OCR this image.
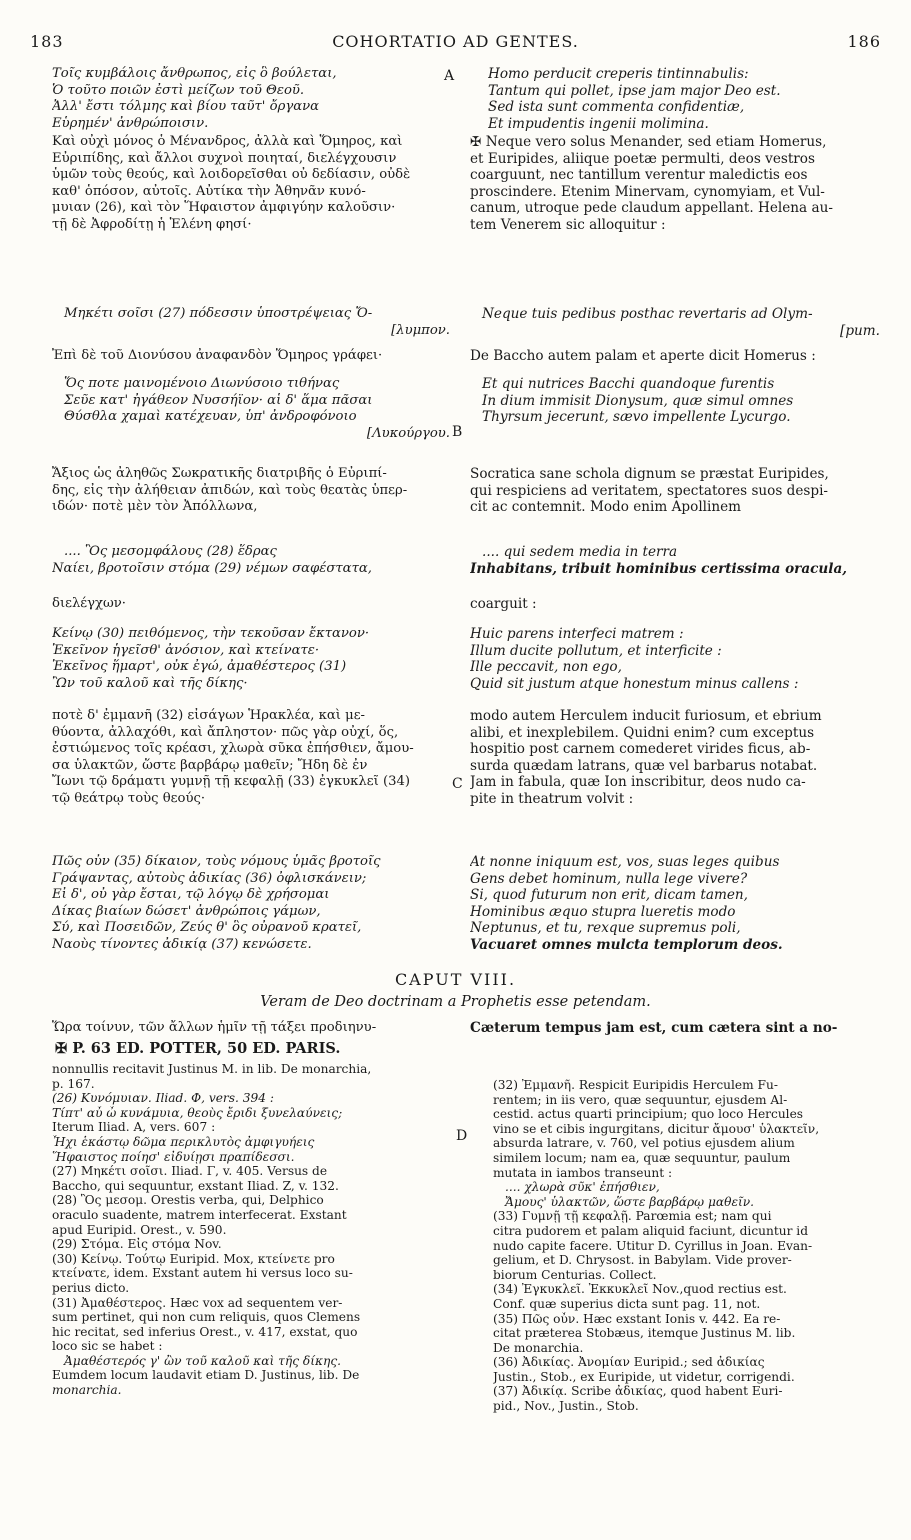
183	COHORTATIO AD GENTES.	186
A
B
C
D
Τοῖς κυμβάλοις ἄνθρωπος, εἰς ὃ βούλεται,
Ὁ τοῦτο ποιῶν ἐστὶ μείζων τοῦ Θεοῦ.
Ἀλλ' ἔστι τόλμης καὶ βίου ταῦτ' ὄργανα
Εὑρημέν' ἀνθρώποισιν.
Homo perducit creperis tintinnabulis:
Tantum qui pollet, ipse jam major Deo est.
Sed ista sunt commenta confidentiæ,
Et impudentis ingenii molimina.
Καὶ οὐχὶ μόνος ὁ Μένανδρος, ἀλλὰ καὶ Ὅμηρος, καὶ
Εὐριπίδης, καὶ ἄλλοι συχνοὶ ποιηταί, διελέγχουσιν
ὑμῶν τοὺς θεούς, καὶ λοιδορεῖσθαι οὐ δεδίασιν, οὐδὲ
καθ' ὁπόσον, αὐτοῖς. Αὐτίκα τὴν Ἀθηνᾶν κυνό-
μυιαν (26), καὶ τὸν Ἥφαιστον ἀμφιγύην καλοῦσιν·
τῇ δὲ Ἀφροδίτῃ ἡ Ἑλένη φησί·
✠ Neque vero solus Menander, sed etiam Homerus,
et Euripides, aliique poetæ permulti, deos vestros
coarguunt, nec tantillum verentur maledictis eos
proscindere. Etenim Minervam, cynomyiam, et Vul-
canum, utroque pede claudum appellant. Helena au-
tem Venerem sic alloquitur :
Μηκέτι σοῖσι (27) πόδεσσιν ὑποστρέψειας Ὄ-
[λυμπον.
Neque tuis pedibus posthac revertaris ad Olym-
[pum.
Ἐπὶ δὲ τοῦ Διονύσου ἀναφανδὸν Ὅμηρος γράφει·	De Baccho autem palam et aperte dicit Homerus :
Ὅς ποτε μαινομένοιο Διωνύσοιο τιθήνας
Σεῦε κατ' ἠγάθεον Νυσσήϊον· αἱ δ' ἅμα πᾶσαι
Θύσθλα χαμαὶ κατέχευαν, ὑπ' ἀνδροφόνοιο
[Λυκούργου.
Et qui nutrices Bacchi quandoque furentis
In dium immisit Dionysum, quæ simul omnes
Thyrsum jecerunt, sævo impellente Lycurgo.
Ἄξιος ὡς ἀληθῶς Σωκρατικῆς διατριβῆς ὁ Εὐριπί-
δης, εἰς τὴν ἀλήθειαν ἀπιδών, καὶ τοὺς θεατὰς ὑπερ-
ιδών· ποτὲ μὲν τὸν Ἀπόλλωνα,
Socratica sane schola dignum se præstat Euripides,
qui respiciens ad veritatem, spectatores suos despi-
cit ac contemnit. Modo enim Apollinem
.... Ὃς μεσομφάλους (28) ἕδρας
Ναίει, βροτοῖσιν στόμα (29) νέμων σαφέστατα,
.... qui sedem media in terra
Inhabitans, tribuit hominibus certissima oracula,
διελέγχων·	coarguit :
Κείνῳ (30) πειθόμενος, τὴν τεκοῦσαν ἔκτανον·
Ἐκεῖνον ἡγεῖσθ' ἀνόσιον, καὶ κτείνατε·
Ἐκεῖνος ἥμαρτ', οὐκ ἐγώ, ἀμαθέστερος (31)
Ὢν τοῦ καλοῦ καὶ τῆς δίκης·
Huic parens interfeci matrem :
Illum ducite pollutum, et interficite :
Ille peccavit, non ego,
Quid sit justum atque honestum minus callens :
ποτὲ δ' ἐμμανῆ (32) εἰσάγων Ἡρακλέα, καὶ με-
θύοντα, ἀλλαχόθι, καὶ ἄπληστον· πῶς γὰρ οὐχί, ὅς,
ἐστιώμενος τοῖς κρέασι, χλωρὰ σῦκα ἐπήσθιεν, ἄμου-
σα ὑλακτῶν, ὥστε βαρβάρῳ μαθεῖν; Ἤδη δὲ ἐν
Ἴωνι τῷ δράματι γυμνῇ τῇ κεφαλῇ (33) ἐγκυκλεῖ (34)
τῷ θεάτρῳ τοὺς θεούς·
modo autem Herculem inducit furiosum, et ebrium
alibi, et inexplebilem. Quidni enim? cum exceptus
hospitio post carnem comederet virides ficus, ab-
surda quædam latrans, quæ vel barbarus notabat.
Jam in fabula, quæ Ion inscribitur, deos nudo ca-
pite in theatrum volvit :
Πῶς οὖν (35) δίκαιον, τοὺς νόμους ὑμᾶς βροτοῖς
Γράψαντας, αὐτοὺς ἀδικίας (36) ὀφλισκάνειν;
Εἰ δ', οὐ γὰρ ἔσται, τῷ λόγῳ δὲ χρήσομαι
Δίκας βιαίων δώσετ' ἀνθρώποις γάμων,
Σύ, καὶ Ποσειδῶν, Ζεύς θ' ὃς οὐρανοῦ κρατεῖ,
Ναοὺς τίνοντες ἀδικίᾳ (37) κενώσετε.
At nonne iniquum est, vos, suas leges quibus
Gens debet hominum, nulla lege vivere?
Si, quod futurum non erit, dicam tamen,
Hominibus æquo stupra lueretis modo
Neptunus, et tu, rexque supremus poli,
Vacuaret omnes mulcta templorum deos.
CAPUT VIII.
Veram de Deo doctrinam a Prophetis esse petendam.
Ὥρα τοίνυν, τῶν ἄλλων ἡμῖν τῇ τάξει προδιηνυ-	Cæterum tempus jam est, cum cætera sint a no-
✠ P. 63 ED. POTTER, 50 ED. PARIS.
nonnullis recitavit Justinus M. in lib. De monarchia,
p. 167.
(26) Κυνόμυιαν. Iliad. Φ, vers. 394 :
Τίπτ' αὖ ὦ κυνάμυια, θεοὺς ἔριδι ξυνελαύνεις;
Iterum Iliad. A, vers. 607 :
Ἦχι ἑκάστῳ δῶμα περικλυτὸς ἀμφιγυήεις
Ἥφαιστος ποίησ' εἰδυίῃσι πραπίδεσσι.
(27) Μηκέτι σοῖσι. Iliad. Γ, v. 405. Versus de
Baccho, qui sequuntur, exstant Iliad. Z, v. 132.
(28) Ὃς μεσομ. Orestis verba, qui, Delphico
oraculo suadente, matrem interfecerat. Exstant
apud Euripid. Orest., v. 590.
(29) Στόμα. Εἰς στόμα Nov.
(30) Κείνῳ. Τούτῳ Euripid. Mox, κτείνετε pro
κτείνατε, idem. Exstant autem hi versus loco su-
perius dicto.
(31) Ἀμαθέστερος. Hæc vox ad sequentem ver-
sum pertinet, qui non cum reliquis, quos Clemens
hic recitat, sed inferius Orest., v. 417, exstat, quo
loco sic se habet :
Ἀμαθέστερός γ' ὢν τοῦ καλοῦ καὶ τῆς δίκης.
Eumdem locum laudavit etiam D. Justinus, lib. De
monarchia.
(32) Ἐμμανῆ. Respicit Euripidis Herculem Fu-
rentem; in iis vero, quæ sequuntur, ejusdem Al-
cestid. actus quarti principium; quo loco Hercules
vino se et cibis ingurgitans, dicitur ἄμουσ' ὑλακτεῖν,
absurda latrare, v. 760, vel potius ejusdem alium
similem locum; nam ea, quæ sequuntur, paulum
mutata in iambos transeunt :
.... χλωρὰ σῦκ' ἐπήσθιεν,
Ἄμους' ὑλακτῶν, ὥστε βαρβάρῳ μαθεῖν.
(33) Γυμνῇ τῇ κεφαλῇ. Parœmia est; nam qui
citra pudorem et palam aliquid faciunt, dicuntur id
nudo capite facere. Utitur D. Cyrillus in Joan. Evan-
gelium, et D. Chrysost. in Babylam. Vide prover-
biorum Centurias. Collect.
(34) Ἐγκυκλεῖ. Ἐκκυκλεῖ Nov.,quod rectius est.
Conf. quæ superius dicta sunt pag. 11, not.
(35) Πῶς οὖν. Hæc exstant Ionis v. 442. Ea re-
citat præterea Stobæus, itemque Justinus M. lib.
De monarchia.
(36) Ἀδικίας. Ἀνομίαν Euripid.; sed ἀδικίας
Justin., Stob., ex Euripide, ut videtur, corrigendi.
(37) Ἀδικίᾳ. Scribe ἀδικίας, quod habent Euri-
pid., Nov., Justin., Stob.
